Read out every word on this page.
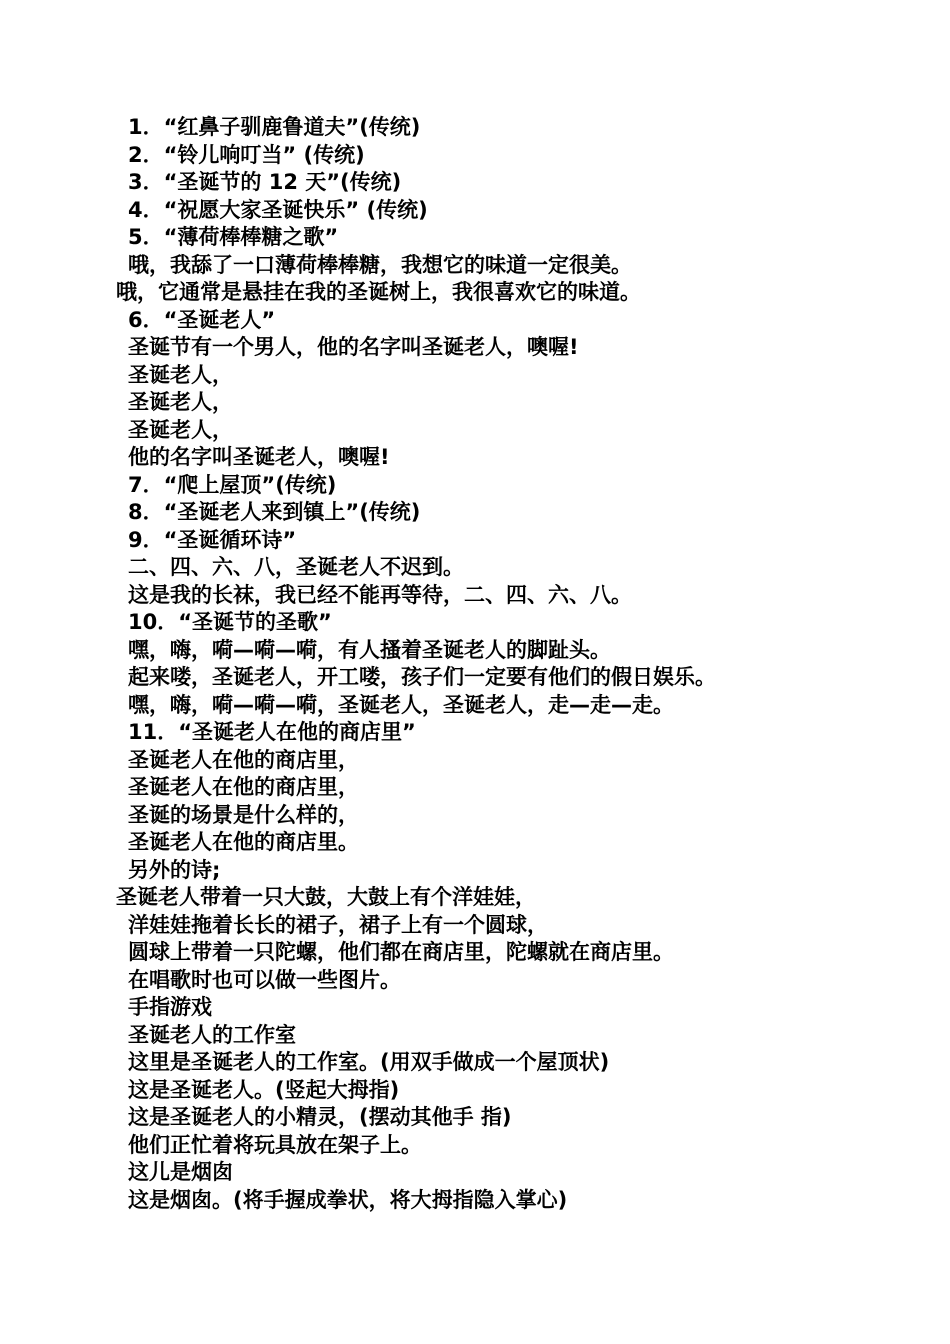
1．“红鼻子驯鹿鲁道夫”(传统)
2．“铃儿响叮当” (传统)
3．“圣诞节的 12 天”(传统)
4．“祝愿大家圣诞快乐” (传统)
5．“薄荷棒棒糖之歌”
哦，我舔了一口薄荷棒棒糖，我想它的味道一定很美。
哦，它通常是悬挂在我的圣诞树上，我很喜欢它的味道。
6．“圣诞老人”
圣诞节有一个男人，他的名字叫圣诞老人，噢喔!
圣诞老人，
圣诞老人，
圣诞老人，
他的名字叫圣诞老人，噢喔!
7．“爬上屋顶”(传统)
8．“圣诞老人来到镇上”(传统)
9．“圣诞循环诗”
二、四、六、八，圣诞老人不迟到。
这是我的长袜，我已经不能再等待，二、四、六、八。
10．“圣诞节的圣歌”
嘿，嗨，嗬—嗬—嗬，有人搔着圣诞老人的脚趾头。
起来喽，圣诞老人，开工喽，孩子们一定要有他们的假日娱乐。
嘿，嗨，嗬—嗬—嗬，圣诞老人，圣诞老人，走—走—走。
11．“圣诞老人在他的商店里”
圣诞老人在他的商店里，
圣诞老人在他的商店里，
圣诞的场景是什么样的，
圣诞老人在他的商店里。
另外的诗;
圣诞老人带着一只大鼓，大鼓上有个洋娃娃，
洋娃娃拖着长长的裙子，裙子上有一个圆球，
圆球上带着一只陀螺，他们都在商店里，陀螺就在商店里。
在唱歌时也可以做一些图片。
手指游戏
圣诞老人的工作室
这里是圣诞老人的工作室。(用双手做成一个屋顶状)
这是圣诞老人。(竖起大拇指)
这是圣诞老人的小精灵，(摆动其他手 指)
他们正忙着将玩具放在架子上。
这儿是烟囱
这是烟囱。(将手握成拳状，将大拇指隐入掌心)
